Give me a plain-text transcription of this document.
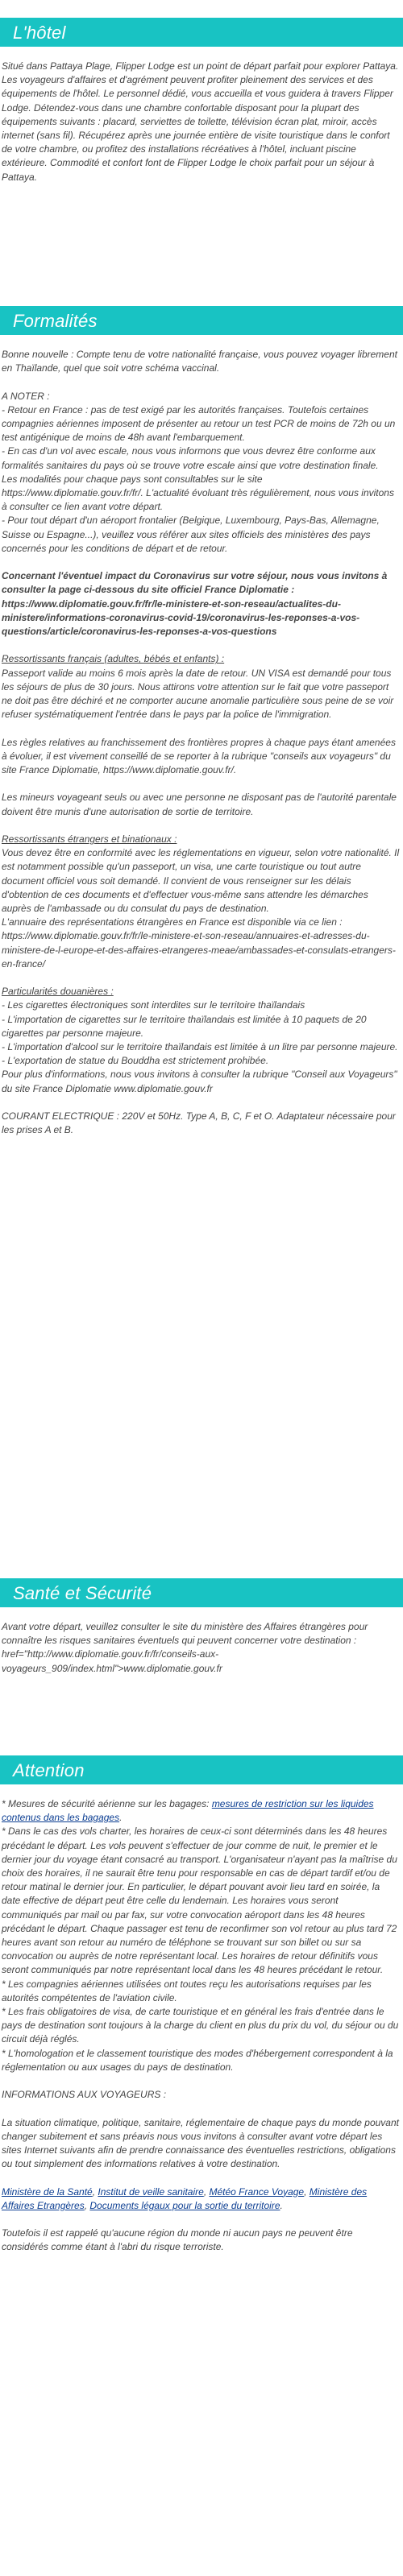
L'hôtel

Situé dans Pattaya Plage, Flipper Lodge est un point de départ parfait pour explorer Pattaya. Les voyageurs d'affaires et d'agrément peuvent profiter pleinement des services et des équipements de l'hôtel. Le personnel dédié, vous accueilla et vous guidera à travers Flipper Lodge. Détendez-vous dans une chambre confortable disposant pour la plupart des équipements suivants : placard, serviettes de toilette, télévision écran plat, miroir, accès internet (sans fil). Récupérez après une journée entière de visite touristique dans le confort de votre chambre, ou profitez des installations récréatives à l'hôtel, incluant piscine extérieure. Commodité et confort font de Flipper Lodge le choix parfait pour un séjour à Pattaya.

Formalités

Bonne nouvelle : Compte tenu de votre nationalité française, vous pouvez voyager librement en Thaïlande, quel que soit votre schéma vaccinal.

A NOTER :

- Retour en France : pas de test exigé par les autorités françaises. Toutefois certaines compagnies aériennes imposent de présenter au retour un test PCR de moins de 72h ou un test antigénique de moins de 48h avant l'embarquement.

- En cas d'un vol avec escale, nous vous informons que vous devrez être conforme aux formalités sanitaires du pays où se trouve votre escale ainsi que votre destination finale.

Les modalités pour chaque pays sont consultables sur le site https://www.diplomatie.gouv.fr/fr/. L'actualité évoluant très régulièrement, nous vous invitons à consulter ce lien avant votre départ.

- Pour tout départ d'un aéroport frontalier (Belgique, Luxembourg, Pays-Bas, Allemagne, Suisse ou Espagne...), veuillez vous référer aux sites officiels des ministères des pays concernés pour les conditions de départ et de retour.

Concernant l'éventuel impact du Coronavirus sur votre séjour, nous vous invitons à consulter la page ci-dessous du site officiel France Diplomatie : https://www.diplomatie.gouv.fr/fr/le-ministere-et-son-reseau/actualites-du-ministere/informations-coronavirus-covid-19/coronavirus-les-reponses-a-vos-questions/article/coronavirus-les-reponses-a-vos-questions

Ressortissants français (adultes, bébés et enfants) :

Passeport valide au moins 6 mois après la date de retour. UN VISA est demandé pour tous les séjours de plus de 30 jours. Nous attirons votre attention sur le fait que votre passeport ne doit pas être déchiré et ne comporter aucune anomalie particulière sous peine de se voir refuser systématiquement l'entrée dans le pays par la police de l'immigration.

Les règles relatives au franchissement des frontières propres à chaque pays étant amenées à évoluer, il est vivement conseillé de se reporter à la rubrique "conseils aux voyageurs" du site France Diplomatie, https://www.diplomatie.gouv.fr/.

Les mineurs voyageant seuls ou avec une personne ne disposant pas de l'autorité parentale doivent être munis d'une autorisation de sortie de territoire.

Ressortissants étrangers et binationaux :

Vous devez être en conformité avec les réglementations en vigueur, selon votre nationalité. Il est notamment possible qu'un passeport, un visa, une carte touristique ou tout autre document officiel vous soit demandé. Il convient de vous renseigner sur les délais d'obtention de ces documents et d'effectuer vous-même sans attendre les démarches auprès de l'ambassade ou du consulat du pays de destination.

L'annuaire des représentations étrangères en France est disponible via ce lien : https://www.diplomatie.gouv.fr/fr/le-ministere-et-son-reseau/annuaires-et-adresses-du-ministere-de-l-europe-et-des-affaires-etrangeres-meae/ambassades-et-consulats-etrangers-en-france/

Particularités douanières :

- Les cigarettes électroniques sont interdites sur le territoire thaïlandais

- L'importation de cigarettes sur le territoire thaïlandais est limitée à 10 paquets de 20 cigarettes par personne majeure.

- L'importation d'alcool sur le territoire thaïlandais est limitée à un litre par personne majeure.

- L'exportation de statue du Bouddha est strictement prohibée.

Pour plus d'informations, nous vous invitons à consulter la rubrique "Conseil aux Voyageurs" du site France Diplomatie www.diplomatie.gouv.fr

COURANT ELECTRIQUE : 220V et 50Hz. Type A, B, C, F et O. Adaptateur nécessaire pour les prises A et B.

Santé et Sécurité

Avant votre départ, veuillez consulter le site du ministère des Affaires étrangères pour connaître les risques sanitaires éventuels qui peuvent concerner votre destination : href="http://www.diplomatie.gouv.fr/fr/conseils-aux-voyageurs_909/index.html">www.diplomatie.gouv.fr

Attention

* Mesures de sécurité aérienne sur les bagages: mesures de restriction sur les liquides contenus dans les bagages.

* Dans le cas des vols charter, les horaires de ceux-ci sont déterminés dans les 48 heures précédant le départ. Les vols peuvent s'effectuer de jour comme de nuit, le premier et le dernier jour du voyage étant consacré au transport. L'organisateur n'ayant pas la maîtrise du choix des horaires, il ne saurait être tenu pour responsable en cas de départ tardif et/ou de retour matinal le dernier jour. En particulier, le départ pouvant avoir lieu tard en soirée, la date effective de départ peut être celle du lendemain. Les horaires vous seront communiqués par mail ou par fax, sur votre convocation aéroport dans les 48 heures précédant le départ. Chaque passager est tenu de reconfirmer son vol retour au plus tard 72 heures avant son retour au numéro de téléphone se trouvant sur son billet ou sur sa convocation ou auprès de notre représentant local. Les horaires de retour définitifs vous seront communiqués par notre représentant local dans les 48 heures précédant le retour.

* Les compagnies aériennes utilisées ont toutes reçu les autorisations requises par les autorités compétentes de l'aviation civile.

* Les frais obligatoires de visa, de carte touristique et en général les frais d'entrée dans le pays de destination sont toujours à la charge du client en plus du prix du vol, du séjour ou du circuit déjà réglés.

* L'homologation et le classement touristique des modes d'hébergement correspondent à la réglementation ou aux usages du pays de destination.

INFORMATIONS AUX VOYAGEURS :

La situation climatique, politique, sanitaire, réglementaire de chaque pays du monde pouvant changer subitement et sans préavis nous vous invitons à consulter avant votre départ les sites Internet suivants afin de prendre connaissance des éventuelles restrictions, obligations ou tout simplement des informations relatives à votre destination.

Ministère de la Santé, Institut de veille sanitaire, Météo France Voyage, Ministère des Affaires Etrangères, Documents légaux pour la sortie du territoire.

Toutefois il est rappelé qu'aucune région du monde ni aucun pays ne peuvent être considérés comme étant à l'abri du risque terroriste.
